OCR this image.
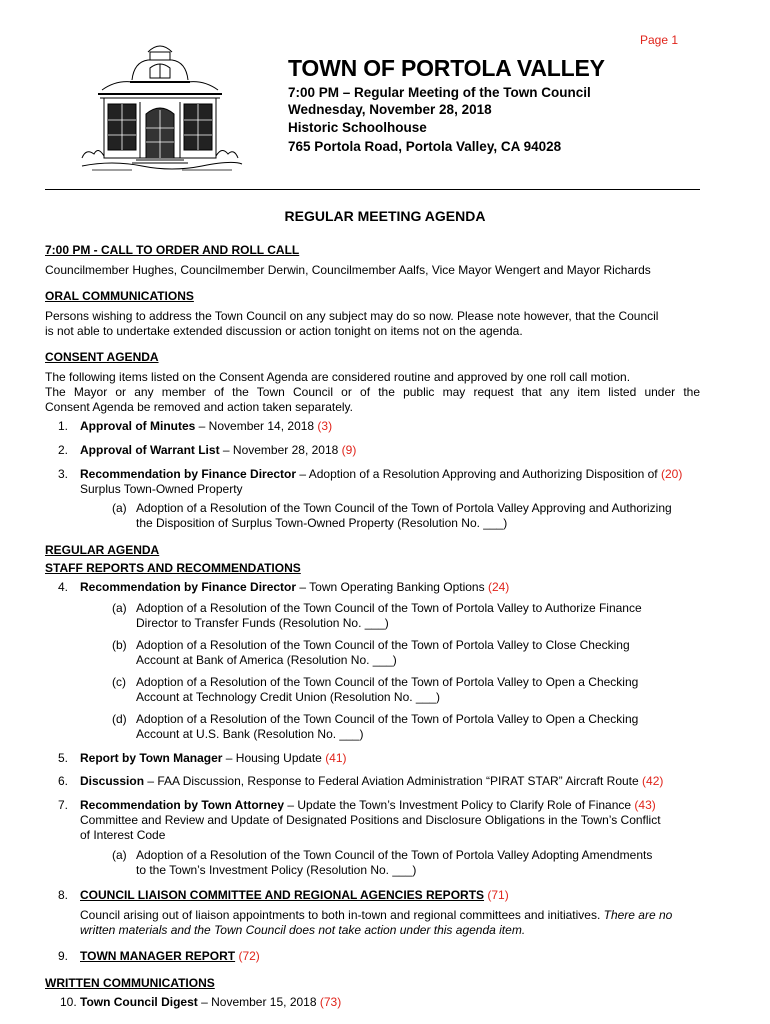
Page 1
TOWN OF PORTOLA VALLEY
7:00 PM – Regular Meeting of the Town Council
Wednesday, November 28, 2018
Historic Schoolhouse
765 Portola Road, Portola Valley, CA 94028
REGULAR MEETING AGENDA
7:00 PM - CALL TO ORDER AND ROLL CALL
Councilmember Hughes, Councilmember Derwin, Councilmember Aalfs, Vice Mayor Wengert and Mayor Richards
ORAL COMMUNICATIONS
Persons wishing to address the Town Council on any subject may do so now. Please note however, that the Council
is not able to undertake extended discussion or action tonight on items not on the agenda.
CONSENT AGENDA
The following items listed on the Consent Agenda are considered routine and approved by one roll call motion.
The Mayor or any member of the Town Council or of the public may request that any item listed under the
Consent Agenda be removed and action taken separately.
1. Approval of Minutes – November 14, 2018 (3)
2. Approval of Warrant List – November 28, 2018 (9)
3. Recommendation by Finance Director – Adoption of a Resolution Approving and Authorizing Disposition of (20)
Surplus Town-Owned Property
(a) Adoption of a Resolution of the Town Council of the Town of Portola Valley Approving and Authorizing
the Disposition of Surplus Town-Owned Property (Resolution No. ___)
REGULAR AGENDA
STAFF REPORTS AND RECOMMENDATIONS
4. Recommendation by Finance Director – Town Operating Banking Options (24)
(a) Adoption of a Resolution of the Town Council of the Town of Portola Valley to Authorize Finance
Director to Transfer Funds (Resolution No. ___)
(b) Adoption of a Resolution of the Town Council of the Town of Portola Valley to Close Checking
Account at Bank of America (Resolution No. ___)
(c) Adoption of a Resolution of the Town Council of the Town of Portola Valley to Open a Checking
Account at Technology Credit Union (Resolution No. ___)
(d) Adoption of a Resolution of the Town Council of the Town of Portola Valley to Open a Checking
Account at U.S. Bank (Resolution No. ___)
5. Report by Town Manager – Housing Update (41)
6. Discussion – FAA Discussion, Response to Federal Aviation Administration “PIRAT STAR” Aircraft Route (42)
7. Recommendation by Town Attorney – Update the Town’s Investment Policy to Clarify Role of Finance (43)
Committee and Review and Update of Designated Positions and Disclosure Obligations in the Town’s Conflict
of Interest Code
(a) Adoption of a Resolution of the Town Council of the Town of Portola Valley Adopting Amendments
to the Town’s Investment Policy (Resolution No. ___)
8. COUNCIL LIAISON COMMITTEE AND REGIONAL AGENCIES REPORTS (71)
Council arising out of liaison appointments to both in-town and regional committees and initiatives. There are no
written materials and the Town Council does not take action under this agenda item.
9. TOWN MANAGER REPORT (72)
WRITTEN COMMUNICATIONS
10. Town Council Digest – November 15, 2018 (73)
